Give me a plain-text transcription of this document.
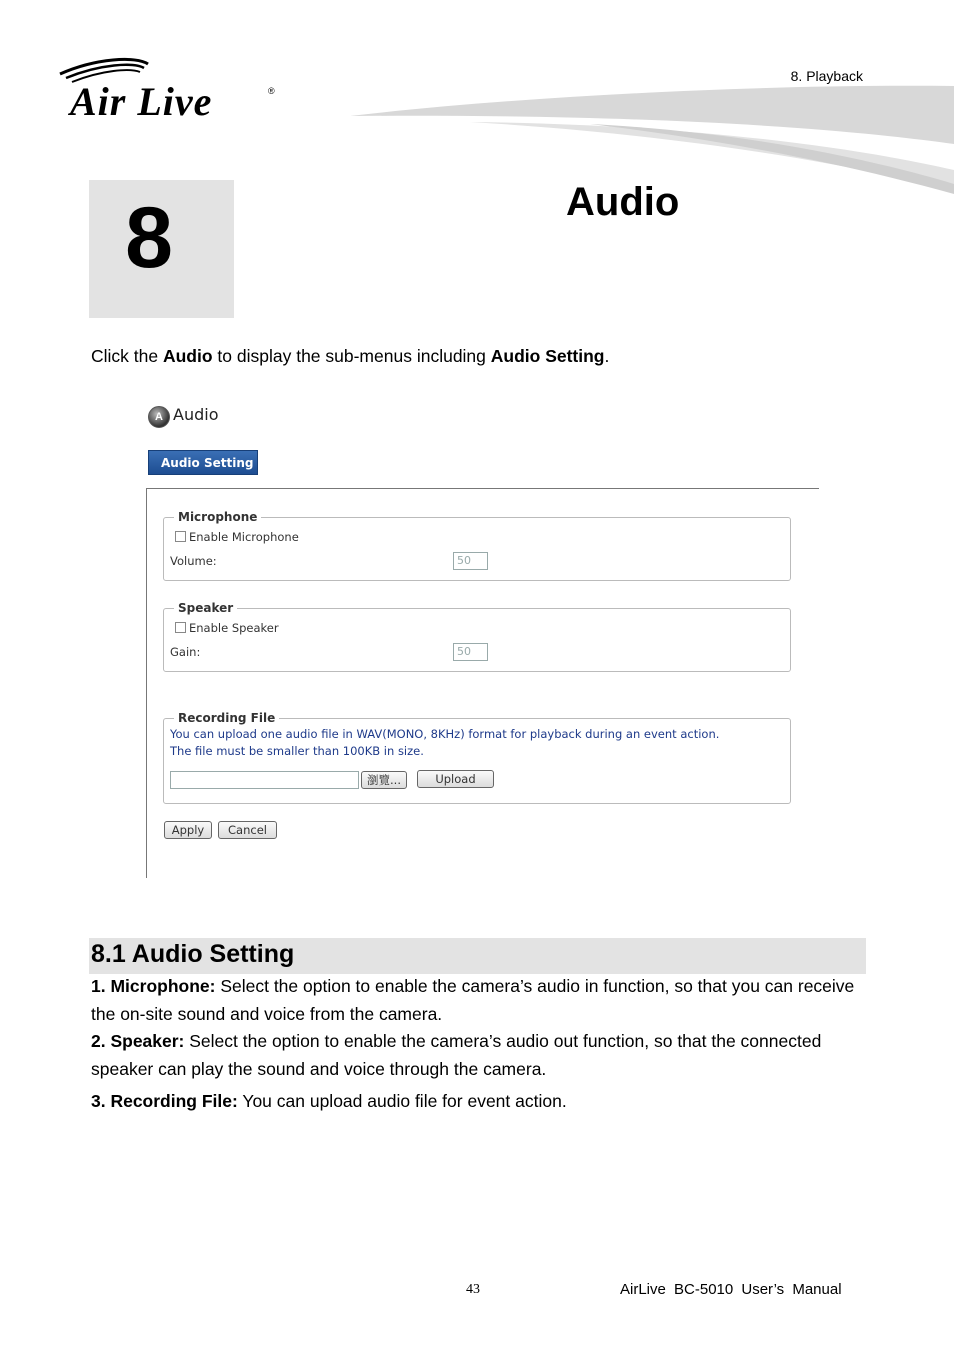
Air Live	®
8. Playback
8	Audio
Click the Audio to display the sub-menus including Audio Setting.
A Audio
Audio Setting
Microphone
Enable Microphone
Volume:	50
Speaker
Enable Speaker
Gain:	50
Recording File
You can upload one audio file in WAV(MONO, 8KHz) format for playback during an event action.
The file must be smaller than 100KB in size.
瀏覽...	Upload
Apply	Cancel
8.1 Audio Setting
1. Microphone: Select the option to enable the camera’s audio in function, so that you can receive the on-site sound and voice from the camera.
2. Speaker: Select the option to enable the camera’s audio out function, so that the connected speaker can play the sound and voice through the camera.
3. Recording File: You can upload audio file for event action.
43	AirLive BC-5010 User’s Manual
